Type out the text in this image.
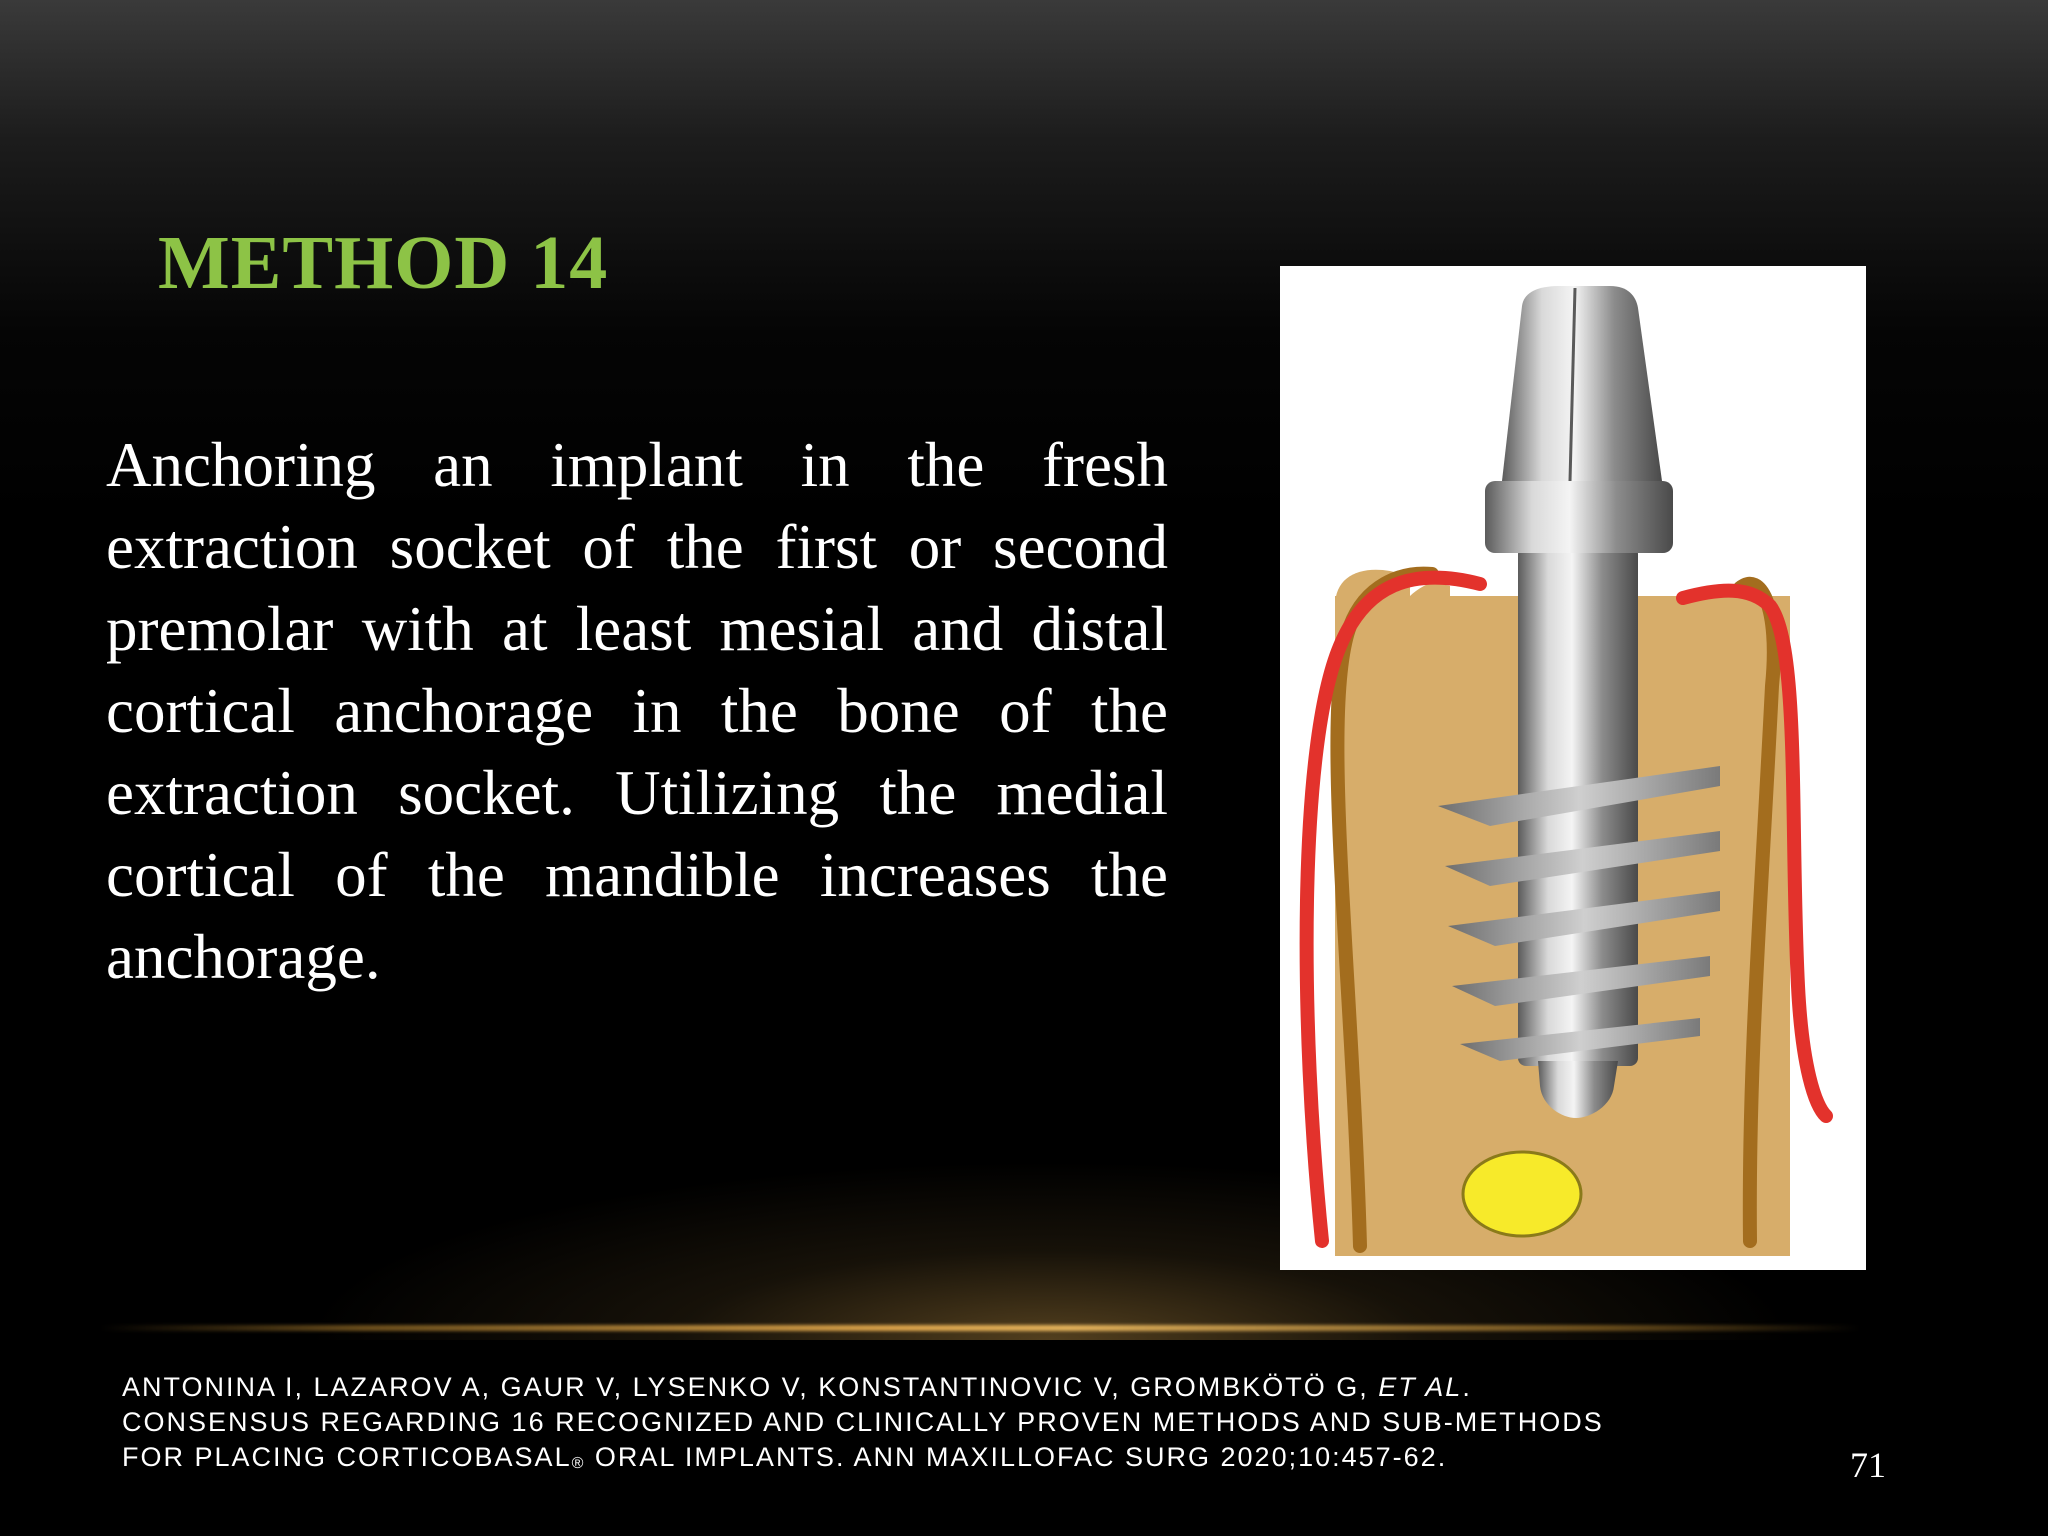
METHOD 14

Anchoring an implant in the fresh extraction socket of the first or second premolar with at least mesial and distal cortical anchorage in the bone of the extraction socket. Utilizing the medial cortical of the mandible increases the anchorage.

ANTONINA I, LAZAROV A, GAUR V, LYSENKO V, KONSTANTINOVIC V, GROMBKÖTÖ G, ET AL.
CONSENSUS REGARDING 16 RECOGNIZED AND CLINICALLY PROVEN METHODS AND SUB-METHODS
FOR PLACING $CORTICOBASAL_®$ ORAL IMPLANTS. ANN MAXILLOFAC SURG 2020;10:457-62.	71
